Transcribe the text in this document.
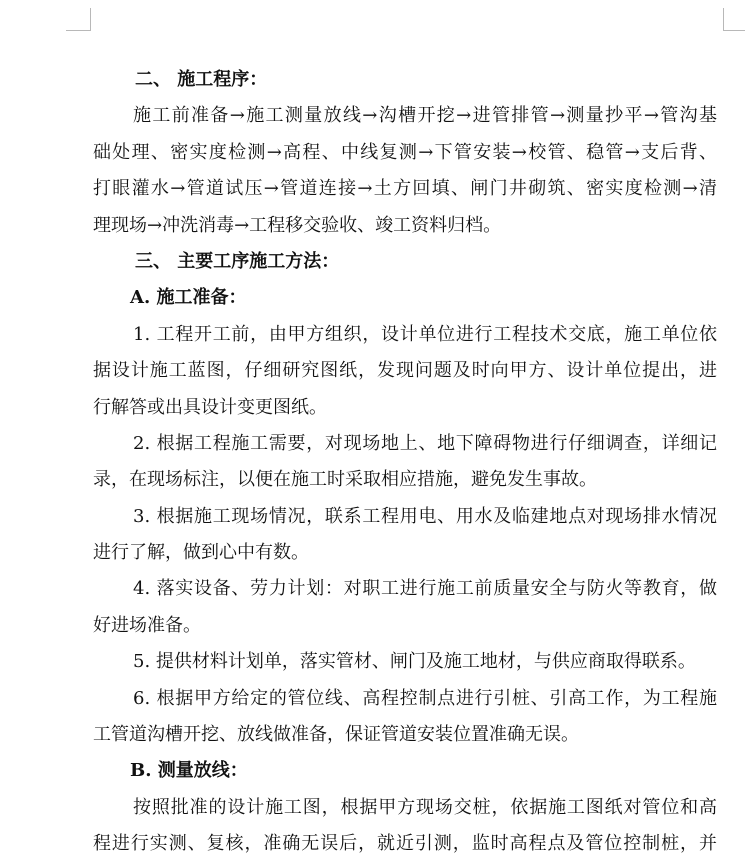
二、 施工程序：
施工前准备→施工测量放线→沟槽开挖→进管排管→测量抄平→管沟基
础处理、密实度检测→高程、中线复测→下管安装→校管、稳管→支后背、
打眼灌水→管道试压→管道连接→土方回填、闸门井砌筑、密实度检测→清
理现场→冲洗消毒→工程移交验收、竣工资料归档。
三、 主要工序施工方法：
A. 施工准备：
1. 工程开工前，由甲方组织，设计单位进行工程技术交底，施工单位依
据设计施工蓝图，仔细研究图纸，发现问题及时向甲方、设计单位提出，进
行解答或出具设计变更图纸。
2. 根据工程施工需要，对现场地上、地下障碍物进行仔细调查，详细记
录，在现场标注，以便在施工时采取相应措施，避免发生事故。
3. 根据施工现场情况，联系工程用电、用水及临建地点对现场排水情况
进行了解，做到心中有数。
4. 落实设备、劳力计划：对职工进行施工前质量安全与防火等教育，做
好进场准备。
5. 提供材料计划单，落实管材、闸门及施工地材，与供应商取得联系。
6. 根据甲方给定的管位线、高程控制点进行引桩、引高工作，为工程施
工管道沟槽开挖、放线做准备，保证管道安装位置准确无误。
B. 测量放线：
按照批准的设计施工图，根据甲方现场交桩，依据施工图纸对管位和高
程进行实测、复核，准确无误后，就近引测，监时高程点及管位控制桩，并
